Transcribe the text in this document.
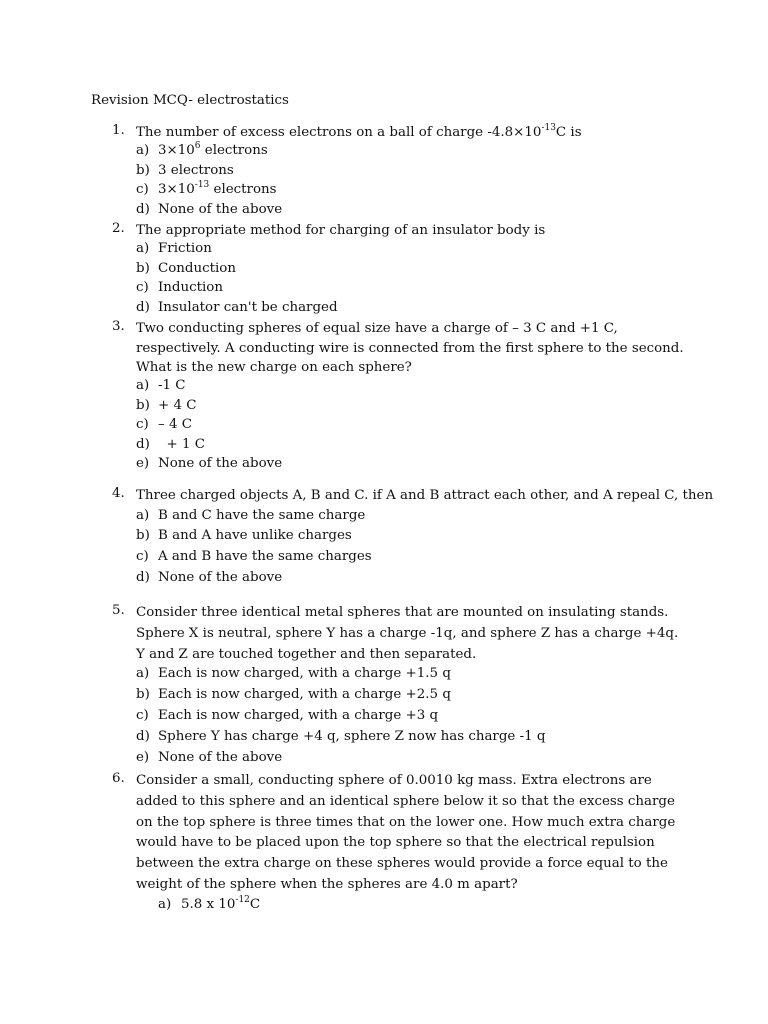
Revision MCQ- electrostatics
1. The number of excess electrons on a ball of charge $-4.8\times 10^{-13}C$ is
a) $3\times 10^6$ electrons
b) 3 electrons
c) $3\times 10^{-13}$ electrons
d) None of the above
2. The appropriate method for charging of an insulator body is
a) Friction
b) Conduction
c) Induction
d) Insulator can't be charged
3. Two conducting spheres of equal size have a charge of – 3 C and +1 C, respectively. A conducting wire is connected from the first sphere to the second. What is the new charge on each sphere?
a) -1 C
b) + 4 C
c) – 4 C
d)  + 1 C
e) None of the above
4. Three charged objects A, B and C. if A and B attract each other, and A repeal C, then
a) B and C have the same charge
b) B and A have unlike charges
c) A and B have the same charges
d) None of the above
5. Consider three identical metal spheres that are mounted on insulating stands. Sphere X is neutral, sphere Y has a charge -1q, and sphere Z has a charge +4q. Y and Z are touched together and then separated.
a) Each is now charged, with a charge +1.5 q
b) Each is now charged, with a charge +2.5 q
c) Each is now charged, with a charge +3 q
d) Sphere Y has charge +4 q, sphere Z now has charge -1 q
e) None of the above
6. Consider a small, conducting sphere of 0.0010 kg mass. Extra electrons are added to this sphere and an identical sphere below it so that the excess charge on the top sphere is three times that on the lower one. How much extra charge would have to be placed upon the top sphere so that the electrical repulsion between the extra charge on these spheres would provide a force equal to the weight of the sphere when the spheres are 4.0 m apart?
a) 5.8 x $10^{-12}C$
